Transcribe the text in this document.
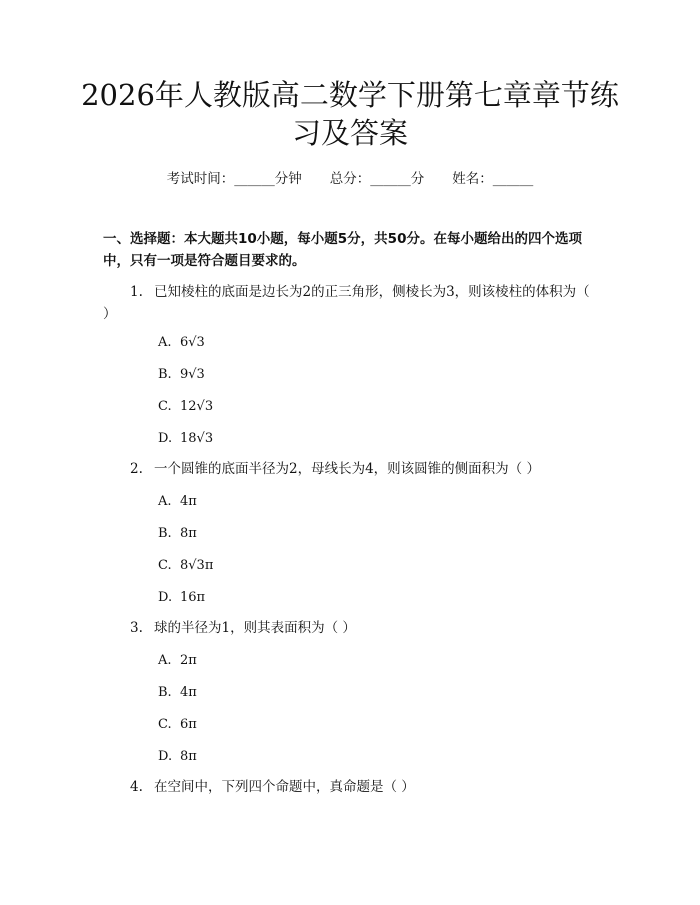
2026年人教版高二数学下册第七章章节练习及答案
考试时间：______分钟 总分：______分 姓名：______
一、选择题：本大题共10小题，每小题5分，共50分。在每小题给出的四个选项中，只有一项是符合题目要求的。
1. 已知棱柱的底面是边长为2的正三角形，侧棱长为3，则该棱柱的体积为（ ）
A. 6√3
B. 9√3
C. 12√3
D. 18√3
2. 一个圆锥的底面半径为2，母线长为4，则该圆锥的侧面积为（ ）
A. 4π
B. 8π
C. 8√3π
D. 16π
3. 球的半径为1，则其表面积为（ ）
A. 2π
B. 4π
C. 6π
D. 8π
4. 在空间中，下列四个命题中，真命题是（ ）
